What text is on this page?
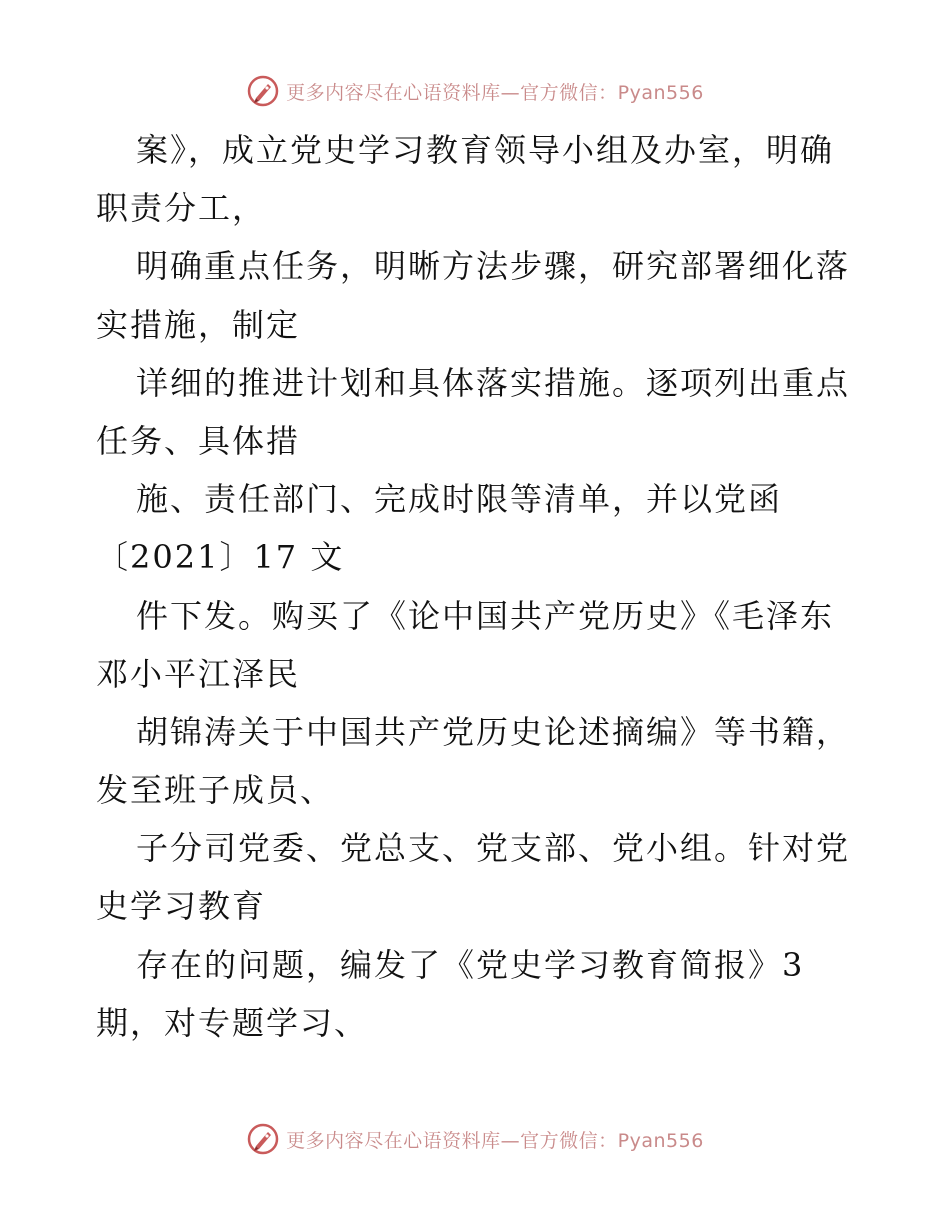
更多内容尽在心语资料库—官方微信：Pyan556
案》，成立党史学习教育领导小组及办室，明确
职责分工，
明确重点任务，明晰方法步骤，研究部署细化落
实措施，制定
详细的推进计划和具体落实措施。逐项列出重点
任务、具体措
施、责任部门、完成时限等清单，并以党函
〔2021〕17 文
件下发。购买了《论中国共产党历史》《毛泽东
邓小平江泽民
胡锦涛关于中国共产党历史论述摘编》等书籍，
发至班子成员、
子分司党委、党总支、党支部、党小组。针对党
史学习教育
存在的问题，编发了《党史学习教育简报》3
期，对专题学习、
更多内容尽在心语资料库—官方微信：Pyan556
